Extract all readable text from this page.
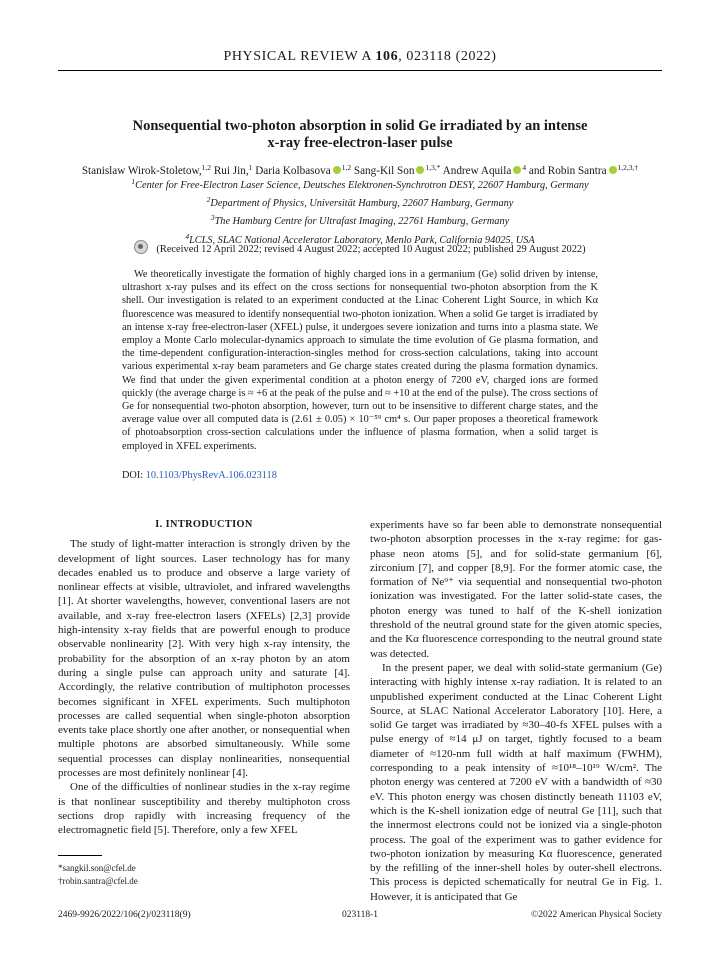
PHYSICAL REVIEW A 106, 023118 (2022)
Nonsequential two-photon absorption in solid Ge irradiated by an intense
x-ray free-electron-laser pulse
Stanislaw Wirok-Stoletow,$^{1,2}$ Rui Jin,$^1$ Daria Kolbasova $^{1,2}$ Sang-Kil Son $^{1,3,*}$ Andrew Aquila $^4$ and Robin Santra $^{1,2,3,\dagger}$
$^1$Center for Free-Electron Laser Science, Deutsches Elektronen-Synchrotron DESY, 22607 Hamburg, Germany
$^2$Department of Physics, Universität Hamburg, 22607 Hamburg, Germany
$^3$The Hamburg Centre for Ultrafast Imaging, 22761 Hamburg, Germany
$^4$LCLS, SLAC National Accelerator Laboratory, Menlo Park, California 94025, USA
(Received 12 April 2022; revised 4 August 2022; accepted 10 August 2022; published 29 August 2022)
We theoretically investigate the formation of highly charged ions in a germanium (Ge) solid driven by intense, ultrashort x-ray pulses and its effect on the cross sections for nonsequential two-photon absorption from the K shell. Our investigation is related to an experiment conducted at the Linac Coherent Light Source, in which Kα fluorescence was measured to identify nonsequential two-photon ionization. When a solid Ge target is irradiated by an intense x-ray free-electron-laser (XFEL) pulse, it undergoes severe ionization and turns into a plasma state. We employ a Monte Carlo molecular-dynamics approach to simulate the time evolution of Ge plasma formation, and the time-dependent configuration-interaction-singles method for cross-section calculations, taking into account various experimental x-ray beam parameters and Ge charge states created during the plasma formation dynamics. We find that under the given experimental condition at a photon energy of 7200 eV, charged ions are formed quickly (the average charge is ≈ +6 at the peak of the pulse and ≈ +10 at the end of the pulse). The cross sections of Ge for nonsequential two-photon absorption, however, turn out to be insensitive to different charge states, and the average value over all computed data is (2.61 ± 0.05) × 10⁻⁵⁹ cm⁴ s. Our paper proposes a theoretical framework of photoabsorption cross-section calculations under the influence of plasma formation, when a solid target is employed in XFEL experiments.
DOI: 10.1103/PhysRevA.106.023118
I. INTRODUCTION

The study of light-matter interaction is strongly driven by the development of light sources. Laser technology has for many decades enabled us to produce and observe a large variety of nonlinear effects at visible, ultraviolet, and infrared wavelengths [1]. At shorter wavelengths, however, conventional lasers are not available, and x-ray free-electron lasers (XFELs) [2,3] provide high-intensity x-ray fields that are powerful enough to produce observable nonlinearity [2]. With very high x-ray intensity, the probability for the absorption of an x-ray photon by an atom during a single pulse can approach unity and saturate [4]. Accordingly, the relative contribution of multiphoton processes becomes significant in XFEL experiments. Such multiphoton processes are called sequential when single-photon absorption events take place shortly one after another, or nonsequential when multiple photons are absorbed simultaneously. While some sequential processes can display nonlinearities, nonsequential processes are most definitely nonlinear [4].

One of the difficulties of nonlinear studies in the x-ray regime is that nonlinear susceptibility and thereby multiphoton cross sections drop rapidly with increasing frequency of the electromagnetic field [5]. Therefore, only a few XFEL

experiments have so far been able to demonstrate nonsequential two-photon absorption processes in the x-ray regime: for gas-phase neon atoms [5], and for solid-state germanium [6], zirconium [7], and copper [8,9]. For the former atomic case, the formation of Ne⁹⁺ via sequential and nonsequential two-photon ionization was investigated. For the latter solid-state cases, the photon energy was tuned to half of the K-shell ionization threshold of the neutral ground state for the given atomic species, and the Kα fluorescence corresponding to the neutral ground state was detected.

In the present paper, we deal with solid-state germanium (Ge) interacting with highly intense x-ray radiation. It is related to an unpublished experiment conducted at the Linac Coherent Light Source, at SLAC National Accelerator Laboratory [10]. Here, a solid Ge target was irradiated by ≈30–40-fs XFEL pulses with a pulse energy of ≈14 μJ on target, tightly focused to a beam diameter of ≈120-nm full width at half maximum (FWHM), corresponding to a peak intensity of ≈10¹⁸–10¹⁹ W/cm². The photon energy was centered at 7200 eV with a bandwidth of ≈30 eV. This photon energy was chosen distinctly beneath 11103 eV, which is the K-shell ionization edge of neutral Ge [11], such that the innermost electrons could not be ionized via a single-photon process. The goal of the experiment was to gather evidence for two-photon ionization by measuring Kα fluorescence, generated by the refilling of the inner-shell holes by outer-shell electrons. This process is depicted schematically for neutral Ge in Fig. 1. However, it is anticipated that Ge

*sangkil.son@cfel.de
†robin.santra@cfel.de
2469-9926/2022/106(2)/023118(9)	023118-1	©2022 American Physical Society
